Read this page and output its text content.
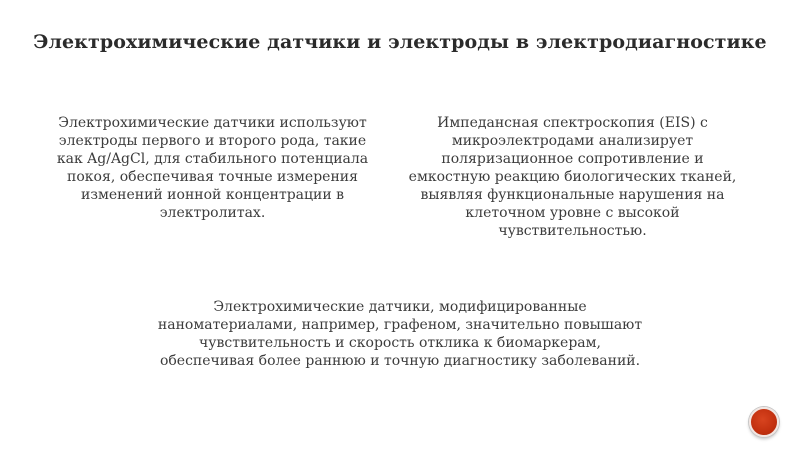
Электрохимические датчики и электроды в электродиагностике

Электрохимические датчики используют
электроды первого и второго рода, такие
как Ag/AgCl, для стабильного потенциала
покоя, обеспечивая точные измерения
изменений ионной концентрации в
электролитах.

Импедансная спектроскопия (EIS) с
микроэлектродами анализирует
поляризационное сопротивление и
емкостную реакцию биологических тканей,
выявляя функциональные нарушения на
клеточном уровне с высокой
чувствительностью.

Электрохимические датчики, модифицированные
наноматериалами, например, графеном, значительно повышают
чувствительность и скорость отклика к биомаркерам,
обеспечивая более раннюю и точную диагностику заболеваний.
